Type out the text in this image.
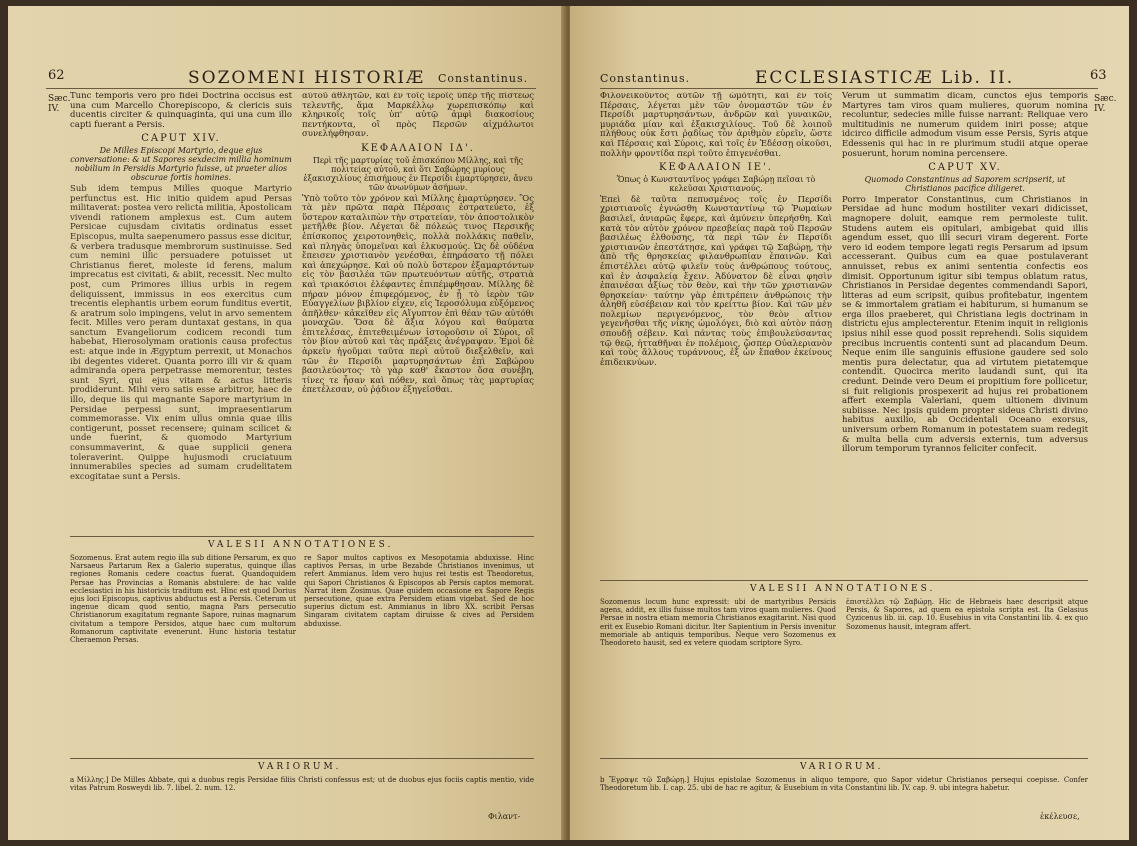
62	SOZOMENI HISTORIÆ Constantinus.
Sæc.
IV.

Tunc temporis vero pro fidei Doctrina occisus est una cum Marcello Chorepiscopo, & clericis suis ducentis circiter & quinquaginta, qui una cum illo capti fuerant a Persis.

CAPUT XIV.
De Milles Episcopi Martyrio, deque ejus conversatione: & ut Sapores sexdecim millia hominum nobilium in Persidis Martyrio fuisse, ut praeter alios obscurae fortis homines.

Sub idem tempus Milles quoque Martyrio perfunctus est. Hic initio quidem apud Persas militaverat: postea vero relicta militia, Apostolicam vivendi rationem amplexus est. Cum autem Persicae cujusdam civitatis ordinatus esset Episcopus, multa saepenumero passus esse dicitur, & verbera tradusque membrorum sustinuisse. Sed cum nemini illic persuadere potuisset ut Christianus fieret, moleste id ferens, malum imprecatus est civitati, & abiit, recessit. Nec multo post, cum Primores illius urbis in regem deliquissent, immissus in eos exercitus cum trecentis elephantis urbem eorum funditus evertit, & aratrum solo impingens, velut in arvo sementem fecit. Milles vero peram duntaxat gestans, in qua sanctum Evangeliorum codicem recondi tum habebat, Hierosolymam orationis causa profectus est: atque inde in Ægyptum perrexit, ut Monachos ibi degentes videret. Quanta porro illi vir & quam admiranda opera perpetrasse memorentur, testes sunt Syri, qui ejus vitam & actus litteris prodiderunt. Mihi vero satis esse arbitror, haec de illo, deque iis qui magnante Sapore martyrium in Persidae perpessi sunt, impraesentiarum commemorasse. Vix enim ullus omnia quae illis contigerunt, posset recensere; quinam scilicet & unde fuerint, & quomodo Martyrium consummaverint, & quae supplicii genera toleraverint. Quippe hujusmodi cruciatuum innumerabiles species ad sumam crudelitatem excogitatae sunt a Persis.

αὐτοῦ ἀθλητῶν, καὶ ἐν τοῖς ἱεροῖς ὑπὲρ τῆς πίστεως τελευτῆς, ἅμα Μαρκέλλῳ χωρεπισκόπῳ καὶ κληρικοῖς τοῖς ὑπ' αὐτῷ ἀμφὶ διακοσίους πεντήκοντα, οἳ πρὸς Περσῶν αἰχμάλωτοι συνελήφθησαν.

ΚΕΦΑΛΑΙΟΝ ΙΔ'.
Περὶ τῆς μαρτυρίας τοῦ ἐπισκόπου Μίλλης, καὶ τῆς πολιτείας αὐτοῦ, καὶ ὅτι Σαβώρης μυρίους ἑξακισχιλίους ἐπισήμους ἐν Περσίδι ἐμαρτύρησεν, ἄνευ τῶν ἀνωνύμων ἀσήμων.

Ὑπὸ τοῦτο τὸν χρόνον καὶ Μίλλης ἐμαρτύρησεν. Ὃς τὰ μὲν πρῶτα παρὰ Πέρσαις ἐστρατεύετο, ἐξ ὕστερον καταλιπὼν τὴν στρατείαν, τὸν ἀποστολικὸν μετῆλθε βίον. Λέγεται δὲ πόλεώς τινος Περσικῆς ἐπίσκοπος χειροτονηθεὶς, πολλὰ πολλάκις παθεῖν, καὶ πληγὰς ὑπομεῖναι καὶ ἑλκυσμούς. Ὡς δὲ οὐδένα ἔπεισεν χριστιανὸν γενέσθαι, ἐπηράσατο τῇ πόλει καὶ ἀπεχώρησε. Καὶ οὐ πολὺ ὕστερον ἐξαμαρτόντων εἰς τὸν βασιλέα τῶν πρωτευόντων αὐτῆς, στρατιὰ καὶ τριακόσιοι ἐλέφαντες ἐπιπέμφθησαν. Μίλλης δὲ πήραν μόνον ἐπιφερόμενος, ἐν ᾗ τὸ ἱερὸν τῶν Εὐαγγελίων βιβλίον εἶχεν, εἰς Ἱεροσόλυμα εὐξόμενος ἀπῆλθεν· κἀκεῖθεν εἰς Αἴγυπτον ἐπὶ θέαν τῶν αὐτόθι μοναχῶν. Ὅσα δὲ ἄξια λόγου καὶ θαύματα ἐπιτελέσας, ἐπιτεθειμένων ἱστοροῦσιν οἱ Σύροι, οἳ τὸν βίον αὐτοῦ καὶ τὰς πράξεις ἀνέγραψαν. Ἐμοὶ δὲ ἀρκεῖν ἡγοῦμαι ταῦτα περὶ αὐτοῦ διεξελθεῖν, καὶ τῶν ἐν Περσίδι μαρτυρησάντων ἐπὶ Σαβώρου βασιλεύοντος· τὸ γὰρ καθ' ἕκαστον ὅσα συνέβη, τίνες τε ἦσαν καὶ πόθεν, καὶ ὅπως τὰς μαρτυρίας ἐπετέλεσαν, οὐ ῥᾴδιον ἐξηγεῖσθαι.

VALESII ANNOTATIONES.
Sozomenus. Erat autem regio illa sub ditione Persarum, ex quo Narsaeus Partarum Rex a Galerio superatus, quinque illas regiones Romanis cedere coactus fuerat. Quandoquidem Persae has Provincias a Romanis abstulere: de hac valde ecclesiastici in his historicis traditum est. Hinc est quod Dorius ejus loci Episcopus, captivus abductus est a Persis. Ceterum ut ingenue dicam quod sentio, magna Pars persecutio Christianorum exagitatum regnante Sapore, ruinas magnarum civitatum a tempore Persidos, atque haec cum multorum Romanorum captivitate evenerunt. Hunc historia testatur Cheraemon Persas.
re Sapor multos captivos ex Mesopotamia abduxisse. Hinc captivos Persas, in urbe Bezabde Christianos invenimus, ut refert Ammianus. Idem vero hujus rei testis est Theodoretus, qui Sapori Christianos & Episcopos ab Persis captos memorat. Narrat item Zosimus. Quae quidem occasione ex Sapore Regis persecutione, quae extra Persidem etiam vigebat. Sed de hoc superius dictum est. Ammianus in libro XX. scribit Persas Singaram civitatem captam diruisse & cives ad Persidem abduxisse.
VARIORUM.
a Μίλλης.] De Milles Abbate, qui a duobus regis Persidae filiis Christi confessus est; ut de duobus ejus fociis captis mentio, vide vitas Patrum Rosweydi lib. 7. libel. 2. num. 12.
Φιλαντ-
Constantinus.	ECCLESIASTICÆ Lib. II.	63
Sæc.
IV.

Φιλονεικοῦντος αὐτῶν τῇ ὠμότητι, καὶ ἐν τοῖς Πέρσαις, λέγεται μὲν τῶν ὀνομαστῶν τῶν ἐν Περσίδι μαρτυρησάντων, ἀνδρῶν καὶ γυναικῶν, μυριάδα μίαν καὶ ἑξακισχιλίους. Τοῦ δὲ λοιποῦ πλήθους οὐκ ἔστι ῥᾳδίως τὸν ἀριθμὸν εὑρεῖν, ὥστε καὶ Πέρσαις καὶ Σύροις, καὶ τοῖς ἐν Ἐδέσσῃ οἰκοῦσι, πολλὴν φροντίδα περὶ τοῦτο ἐπιγενέσθαι.

ΚΕΦΑΛΑΙΟΝ ΙΕ'.
Ὅπως ὁ Κωνσταντῖνος γράφει Σαβώρῃ πεῖσαι τὸ κελεῦσαι Χριστιανούς.

Ἐπεὶ δὲ ταῦτα πεπυσμένος τοῖς ἐν Περσίδι χριστιανοῖς ἐγνώσθη Κωνσταντίνῳ τῷ Ῥωμαίων βασιλεῖ, ἀνιαρῶς ἔφερε, καὶ ἀμύνειν ὑπερήσθη. Καὶ κατὰ τὸν αὐτὸν χρόνον πρεσβείας παρὰ τοῦ Περσῶν βασιλέως ἐλθούσης, τὰ περὶ τῶν ἐν Περσίδι χριστιανῶν ἐπεστάτησε, καὶ γράφει τῷ Σαβώρῃ, τὴν ἀπὸ τῆς θρησκείας φιλανθρωπίαν ἐπαινῶν. Καὶ ἐπιστέλλει αὐτῷ φιλεῖν τοὺς ἀνθρώπους τούτους, καὶ ἐν ἀσφαλείᾳ ἔχειν. Ἀδύνατον δὲ εἶναι φησὶν ἐπαινέσαι ἀξίως τὸν θεὸν, καὶ τὴν τῶν χριστιανῶν θρησκείαν· ταύτην γὰρ ἐπιτρέπειν ἀνθρώποις τὴν ἀληθῆ εὐσέβειαν καὶ τὸν κρείττω βίον. Καὶ τῶν μὲν πολεμίων περιγενόμενος, τὸν θεὸν αἴτιον γεγενῆσθαι τῆς νίκης ὡμολόγει, διὸ καὶ αὐτὸν πάσῃ σπουδῇ σέβειν. Καὶ πάντας τοὺς ἐπιβουλεύσαντας τῷ θεῷ, ἡτταθῆναι ἐν πολέμοις, ὥσπερ Οὐαλεριανὸν καὶ τοὺς ἄλλους τυράννους, ἐξ ὧν ἔπαθον ἐκείνους ἐπιδεικνύων.

Verum ut summatim dicam, cunctos ejus temporis Martyres tam viros quam mulieres, quorum nomina recoluntur, sedecies mille fuisse narrant: Reliquae vero multitudinis ne numerum quidem iniri posse; atque idcirco difficile admodum visum esse Persis, Syris atque Edessenis qui hac in re plurimum studii atque operae posuerunt, horum nomina percensere.

CAPUT XV.
Quomodo Constantinus ad Saporem scripserit, ut Christianos pacifice diligeret.

Porro Imperator Constantinus, cum Christianos in Persidae ad hunc modum hostiliter vexari didicisset, magnopere doluit, eamque rem permoleste tulit. Studens autem eis opitulari, ambigebat quid illis agendum esset, quo illi securi viram degerent. Forte vero id eodem tempore legati regis Persarum ad ipsum accesserant. Quibus cum ea quae postulaverant annuisset, rebus ex animi sententia confectis eos dimisit. Opportunum igitur sibi tempus oblatum ratus, Christianos in Persidae degentes commendandi Sapori, litteras ad eum scripsit, quibus profitebatur, ingentem se & immortalem gratiam ei habiturum, si humanum se erga illos praeberet, qui Christiana legis doctrinam in districtu ejus amplecterentur. Etenim inquit in religionis ipsius nihil esse quod possit reprehendi. Solis siquidem precibus incruentis contenti sunt ad placandum Deum. Neque enim ille sanguinis effusione gaudere sed solo mentis pura delectatur, qua ad virtutem pietatemque contendit. Quocirca merito laudandi sunt, qui ita credunt. Deinde vero Deum ei propitium fore pollicetur, si fuit religionis prospexerit ad hujus rei probationem affert exempla Valeriani, quem ultionem divinum subiisse. Nec ipsis quidem propter sideus Christi divino habitus auxilio, ab Occidentali Oceano exorsus, universum orbem Romanum in potestatem suam redegit & multa bella cum adversis externis, tum adversus illorum temporum tyrannos feliciter confecit.

VALESII ANNOTATIONES.
Sozomenus locum hunc expressit: ubi de martyribus Persicis agens, addit, ex illis fuisse multos tam viros quam mulieres. Quod Persae in nostra etiam memoria Christianos exagitarint. Nisi quod erit ex Eusebio Romani dicitur. Iter Sapientium in Persis invenitur memoriale ab antiquis temporibus. Neque vero Sozomenus ex Theodoreto hausit, sed ex vetere quodam scriptore Syro.
ἐπιστέλλει τῷ Σαβώρῃ. Hic de Hebraeis haec descripsit atque Persis, & Sapores, ad quem ea epistola scripta est. Ita Gelasius Cyzicenus lib. iii. cap. 10. Eusebius in vita Constantini lib. 4. ex quo Sozomenus hausit, integram affert.
VARIORUM.
b Ἔγραψε τῷ Σαβώρῃ.] Hujus epistolae Sozomenus in aliquo tempore, quo Sapor videtur Christianos persequi coepisse. Confer Theodoretum lib. I. cap. 25. ubi de hac re agitur, & Eusebium in vita Constantini lib. IV. cap. 9. ubi integra habetur.
ἐκέλευσε,
